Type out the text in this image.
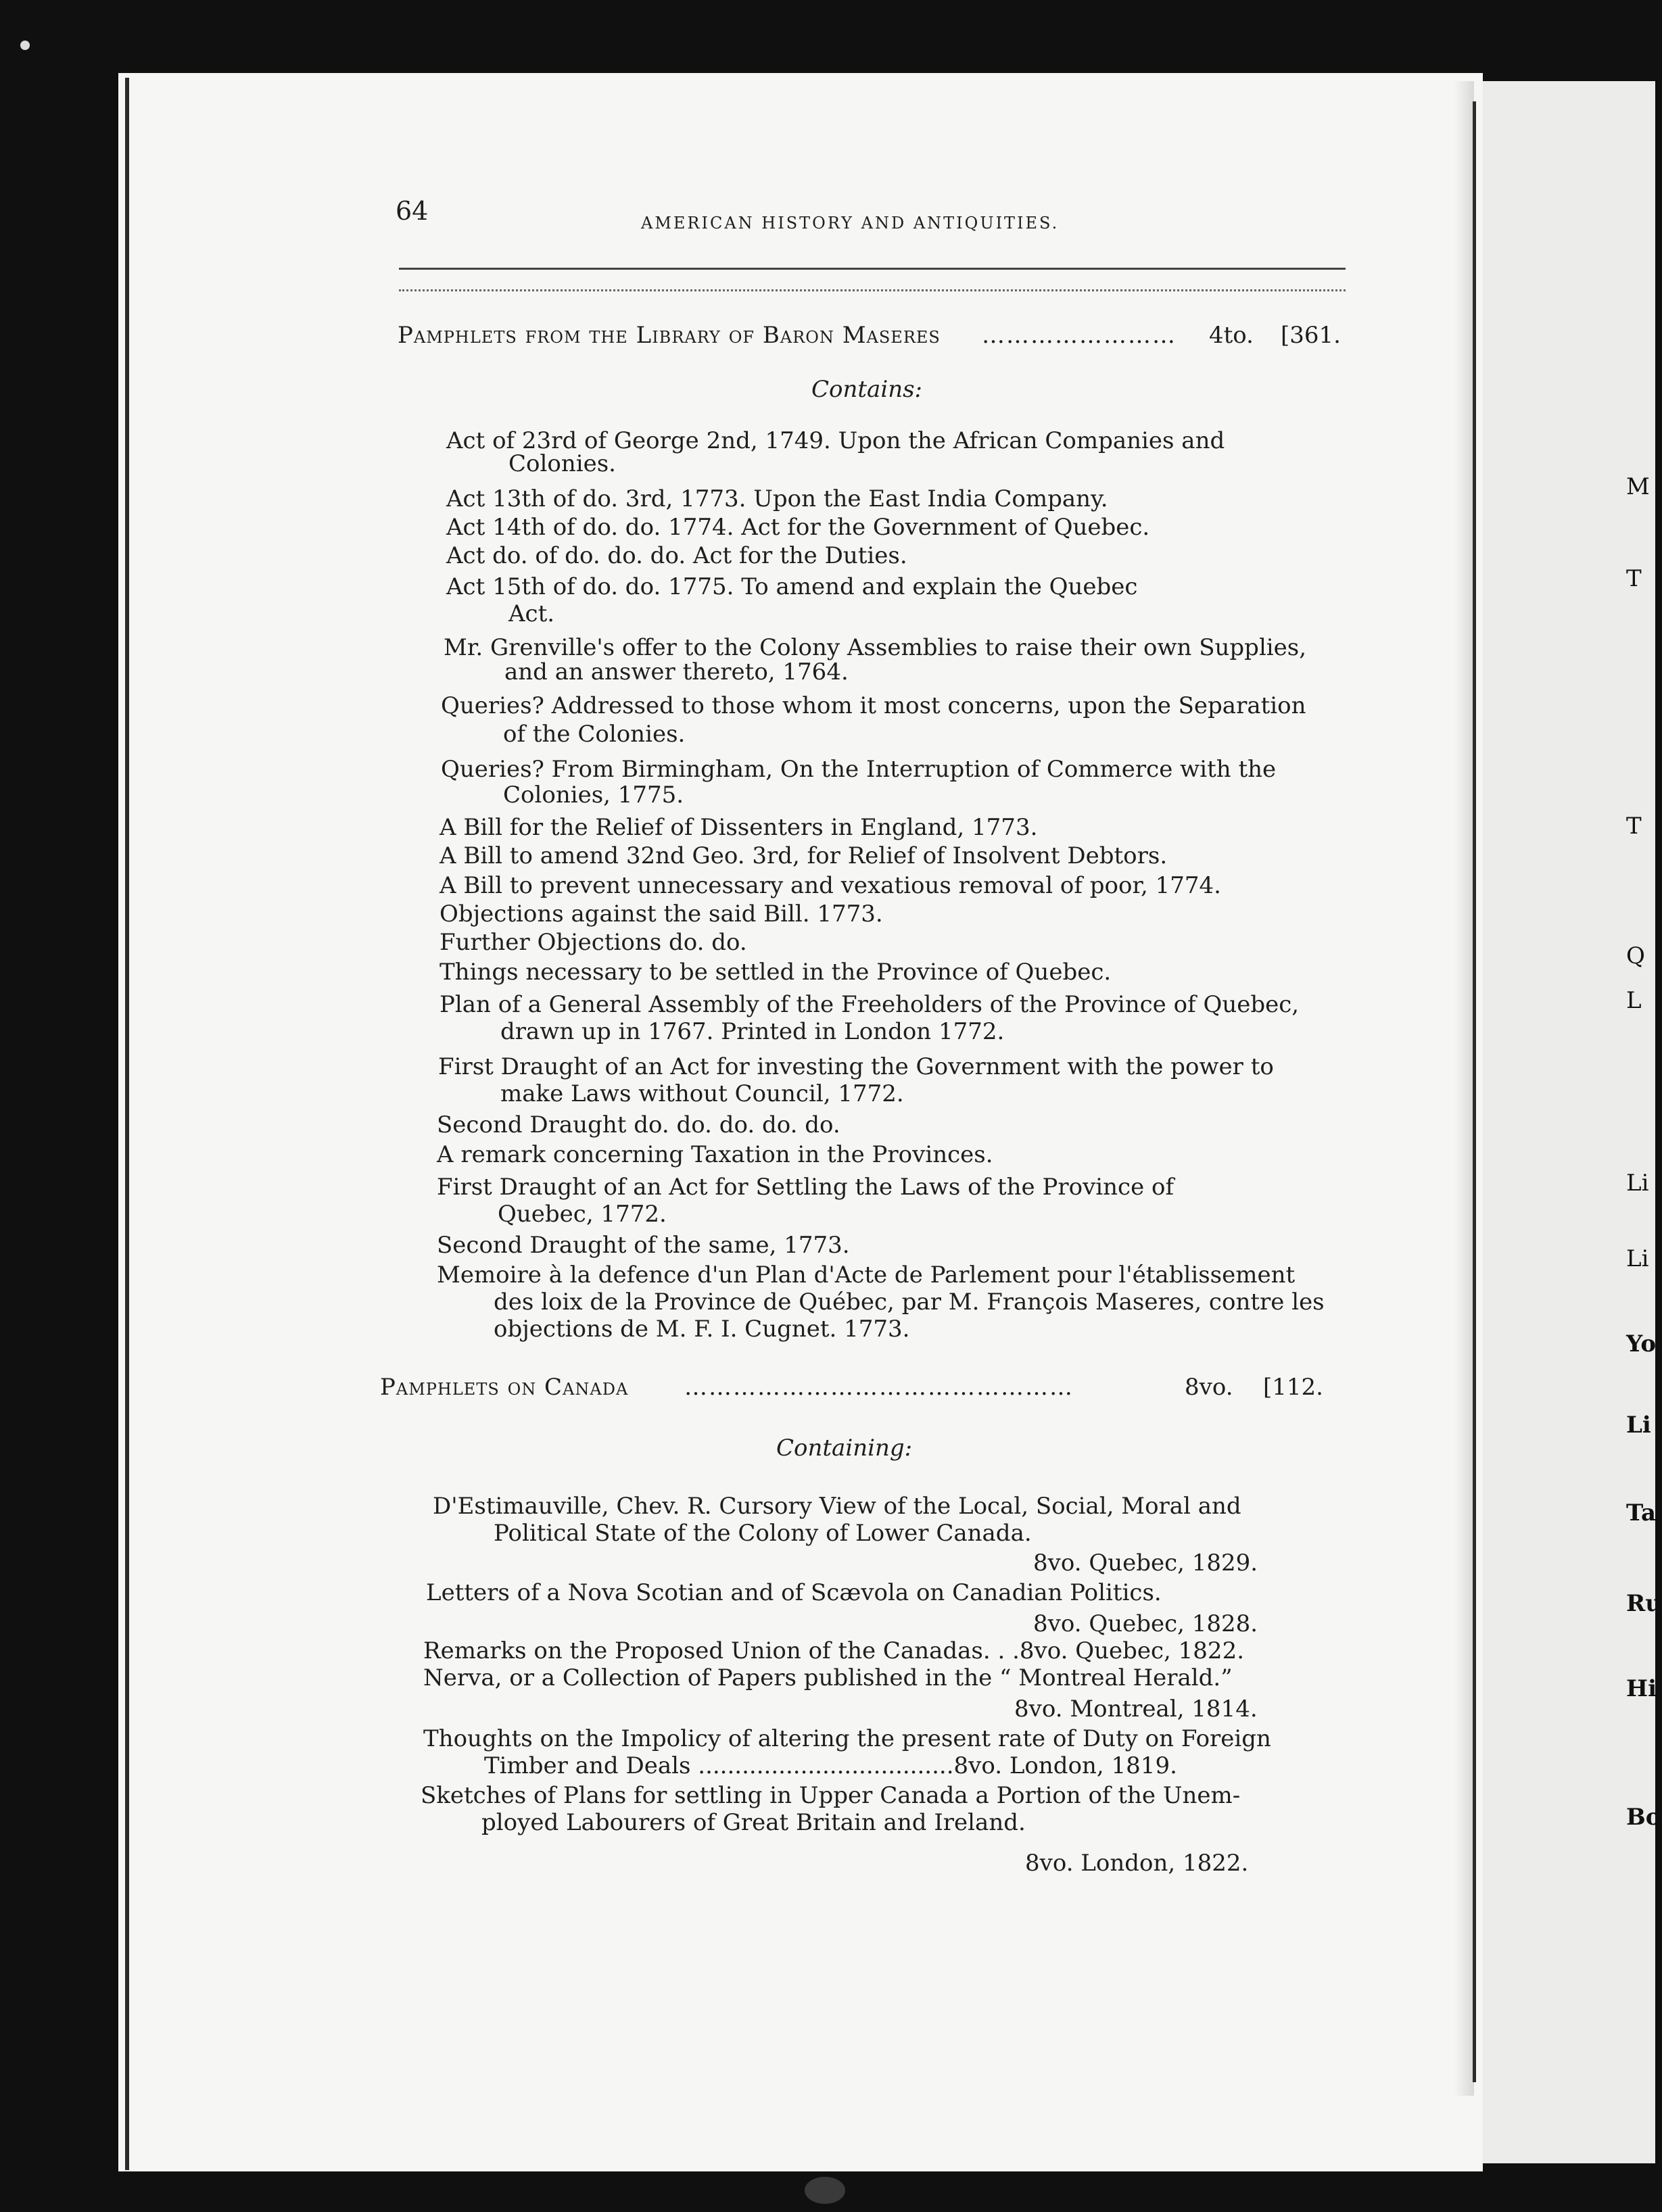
64	AMERICAN HISTORY AND ANTIQUITIES.
Pamphlets from the Library of Baron Maseres …………………… 4to. [361.
Contains:
Act of 23rd of George 2nd, 1749. Upon the African Companies and
Colonies.
Act 13th of do. 3rd, 1773. Upon the East India Company.
Act 14th of do. do. 1774. Act for the Government of Quebec.
Act do. of do. do. do. Act for the Duties.
Act 15th of do. do. 1775. To amend and explain the Quebec
Act.
Mr. Grenville's offer to the Colony Assemblies to raise their own Supplies,
and an answer thereto, 1764.
Queries? Addressed to those whom it most concerns, upon the Separation
of the Colonies.
Queries? From Birmingham, On the Interruption of Commerce with the
Colonies, 1775.
A Bill for the Relief of Dissenters in England, 1773.
A Bill to amend 32nd Geo. 3rd, for Relief of Insolvent Debtors.
A Bill to prevent unnecessary and vexatious removal of poor, 1774.
Objections against the said Bill. 1773.
Further Objections do. do.
Things necessary to be settled in the Province of Quebec.
Plan of a General Assembly of the Freeholders of the Province of Quebec,
drawn up in 1767. Printed in London 1772.
First Draught of an Act for investing the Government with the power to
make Laws without Council, 1772.
Second Draught do. do. do. do. do.
A remark concerning Taxation in the Provinces.
First Draught of an Act for Settling the Laws of the Province of
Quebec, 1772.
Second Draught of the same, 1773.
Memoire à la defence d'un Plan d'Acte de Parlement pour l'établissement
des loix de la Province de Québec, par M. François Maseres, contre les
objections de M. F. I. Cugnet. 1773.
Pamphlets on Canada …………………………………………	8vo. [112.
Containing:
D'Estimauville, Chev. R. Cursory View of the Local, Social, Moral and
Political State of the Colony of Lower Canada.
8vo. Quebec, 1829.
Letters of a Nova Scotian and of Scævola on Canadian Politics.
8vo. Quebec, 1828.
Remarks on the Proposed Union of the Canadas. . .8vo. Quebec, 1822.
Nerva, or a Collection of Papers published in the “ Montreal Herald.”
8vo. Montreal, 1814.
Thoughts on the Impolicy of altering the present rate of Duty on Foreign
Timber and Deals ...................................8vo. London, 1819.
Sketches of Plans for settling in Upper Canada a Portion of the Unem-
ployed Labourers of Great Britain and Ireland.
8vo. London, 1822.
M
T
T
Q
L
Li
Li
Yo
Li
Ta
Ru
Hi
Bo
